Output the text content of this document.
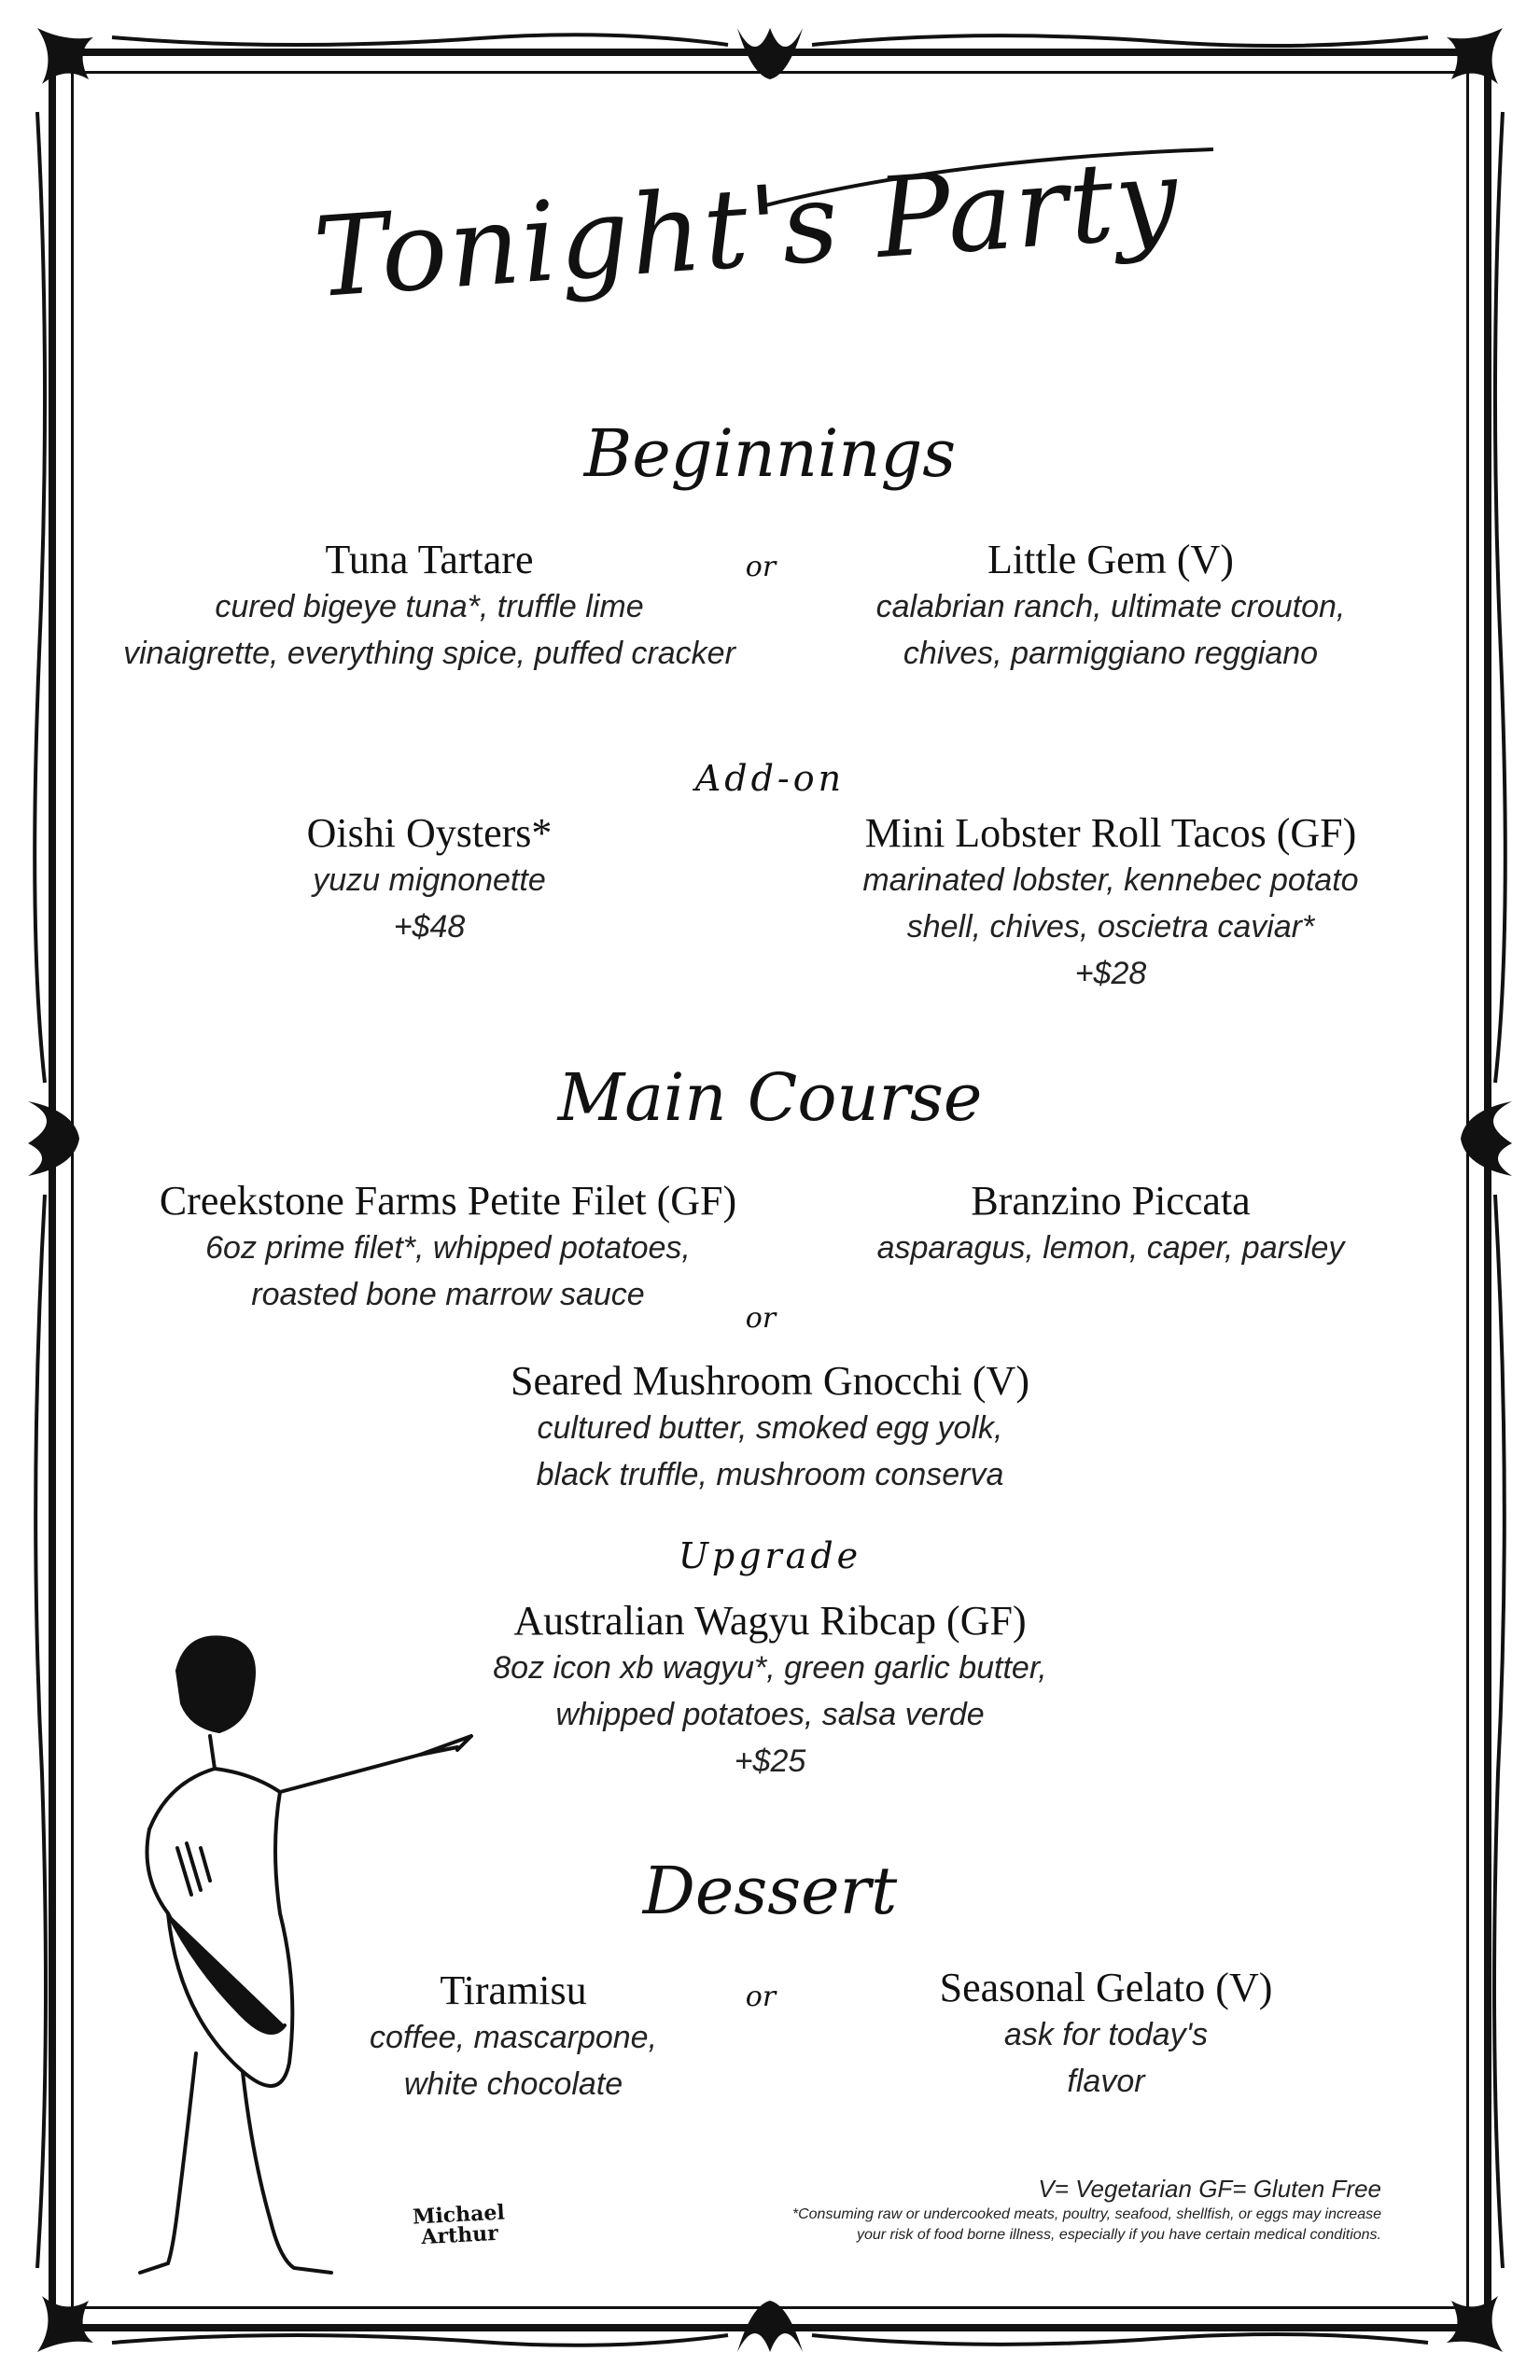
Tonight's Party
Beginnings
or
Tuna Tartare
cured bigeye tuna*, truffle lime
vinaigrette, everything spice, puffed cracker
Little Gem (V)
calabrian ranch, ultimate crouton,
chives, parmiggiano reggiano
Add-on
Oishi Oysters*
yuzu mignonette
+$48
Mini Lobster Roll Tacos (GF)
marinated lobster, kennebec potato
shell, chives, oscietra caviar*
+$28
Main Course
Creekstone Farms Petite Filet (GF)
6oz prime filet*, whipped potatoes,
roasted bone marrow sauce
Branzino Piccata
asparagus, lemon, caper, parsley
or
Seared Mushroom Gnocchi (V)
cultured butter, smoked egg yolk,
black truffle, mushroom conserva
Upgrade
Australian Wagyu Ribcap (GF)
8oz icon xb wagyu*, green garlic butter,
whipped potatoes, salsa verde
+$25
Dessert
or
Tiramisu
coffee, mascarpone,
white chocolate
Seasonal Gelato (V)
ask for today's
flavor
Michael
Arthur
V= Vegetarian GF= Gluten Free
*Consuming raw or undercooked meats, poultry, seafood, shellfish, or eggs may increase
your risk of food borne illness, especially if you have certain medical conditions.
